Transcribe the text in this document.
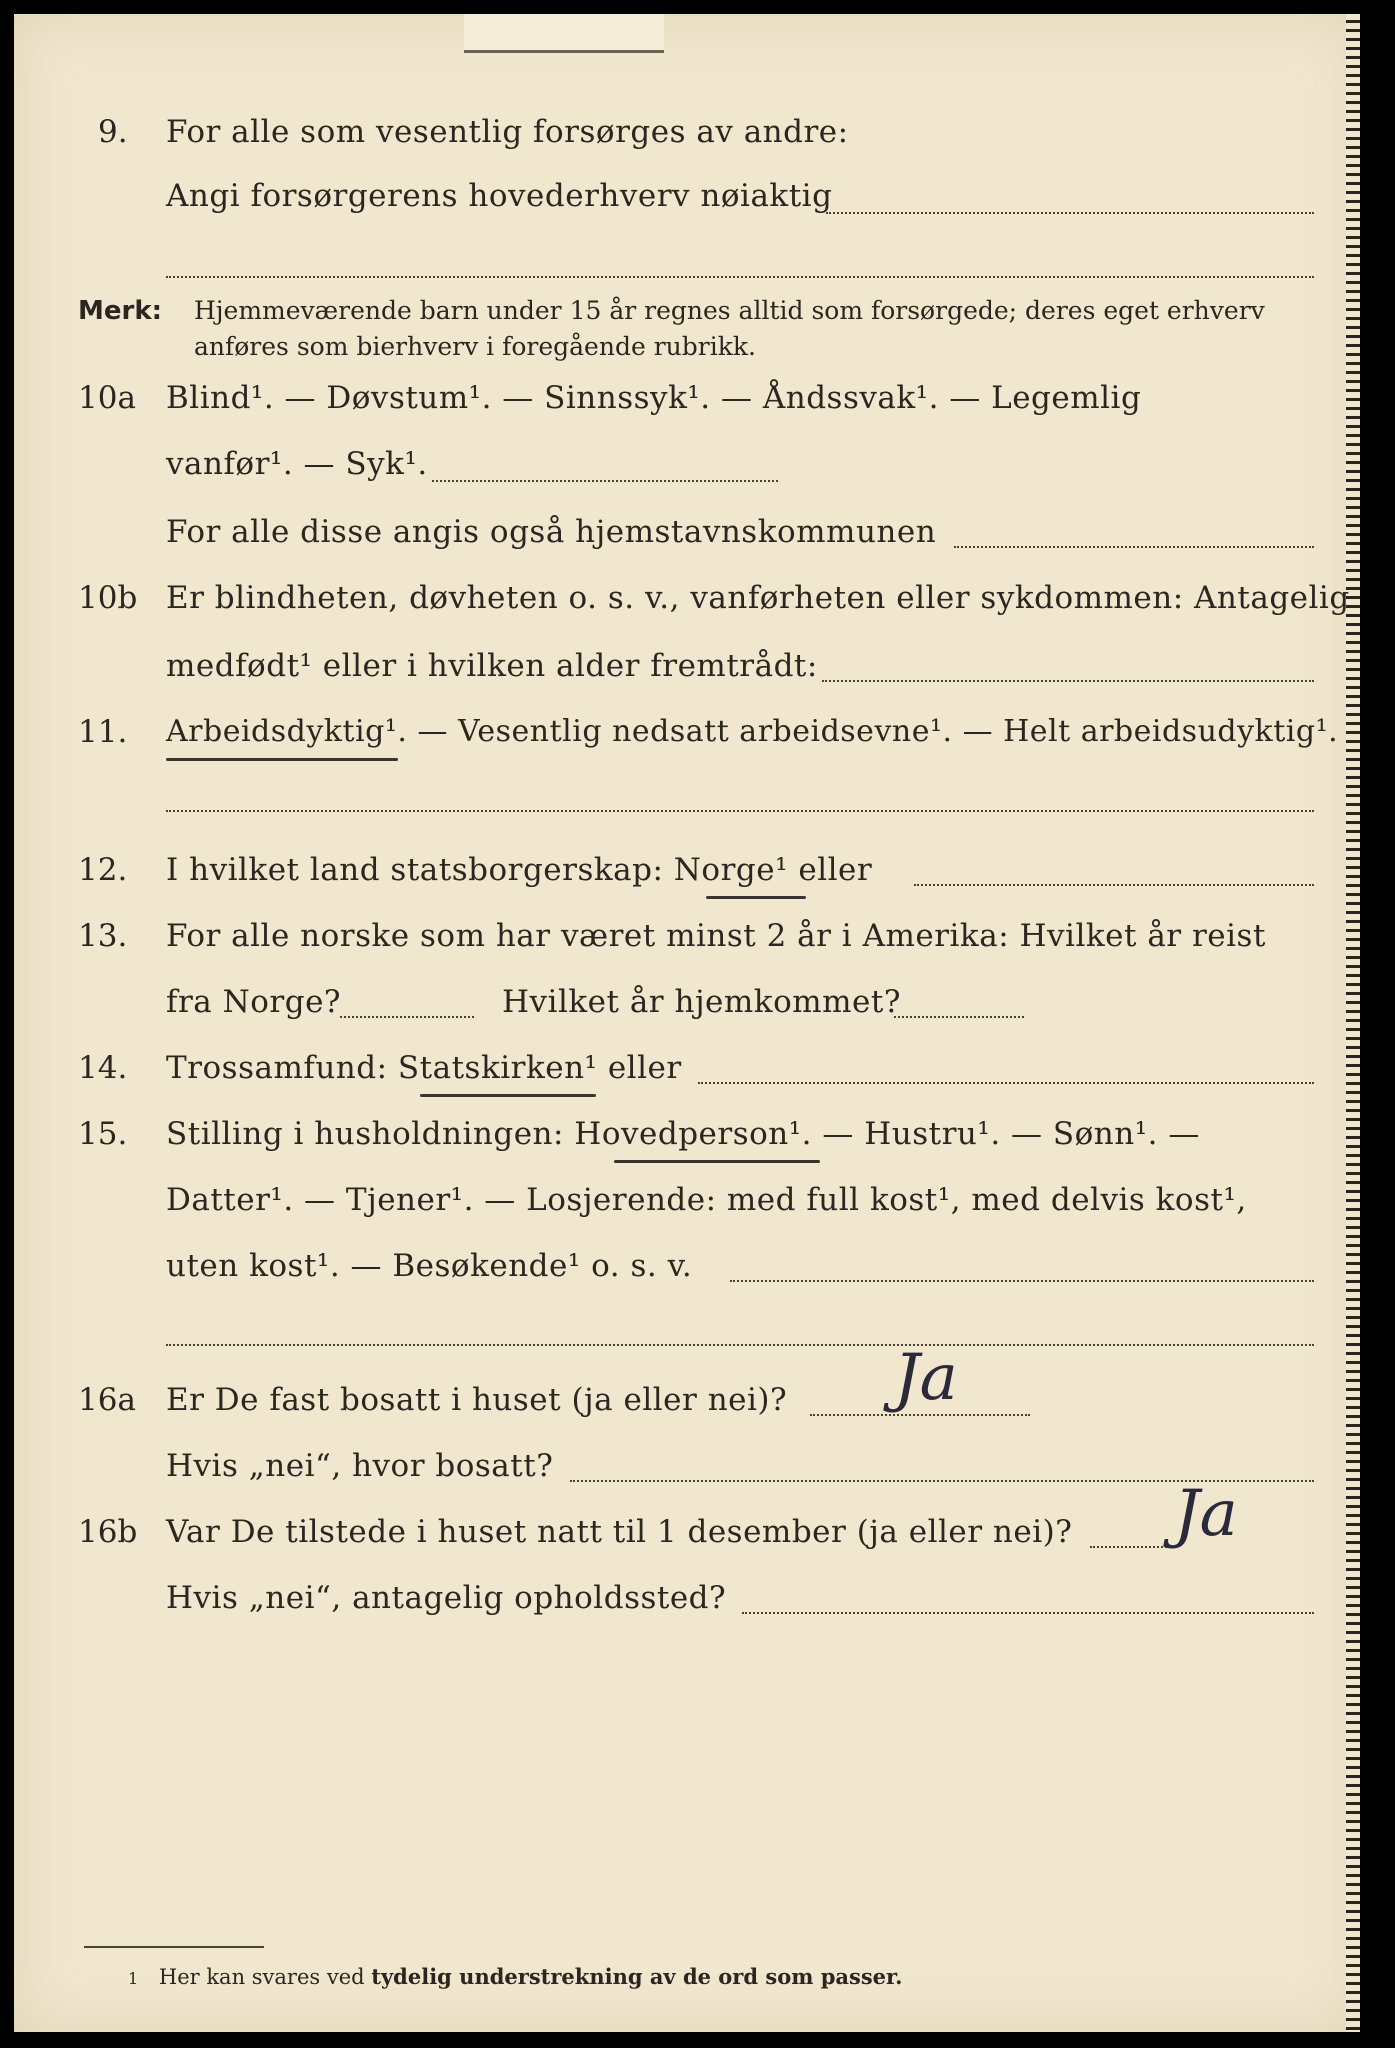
9. For alle som vesentlig forsørges av andre:
Angi forsørgerens hovederhverv nøiaktig
Merk: Hjemmeværende barn under 15 år regnes alltid som forsørgede; deres eget erhverv
anføres som bierhverv i foregående rubrikk.
10a Blind¹. — Døvstum¹. — Sinnssyk¹. — Åndssvak¹. — Legemlig
vanfør¹. — Syk¹.
For alle disse angis også hjemstavnskommunen
10b Er blindheten, døvheten o. s. v., vanførheten eller sykdommen: Antagelig
medfødt¹ eller i hvilken alder fremtrådt:
11. Arbeidsdyktig¹. — Vesentlig nedsatt arbeidsevne¹. — Helt arbeidsudyktig¹.
12. I hvilket land statsborgerskap: Norge¹ eller
13. For alle norske som har været minst 2 år i Amerika: Hvilket år reist
fra Norge?	Hvilket år hjemkommet?
14. Trossamfund: Statskirken¹ eller
15. Stilling i husholdningen: Hovedperson¹. — Hustru¹. — Sønn¹. —
Datter¹. — Tjener¹. — Losjerende: med full kost¹, med delvis kost¹,
uten kost¹. — Besøkende¹ o. s. v.
16a Er De fast bosatt i huset (ja eller nei)? Ja
Hvis „nei“, hvor bosatt?
16b Var De tilstede i huset natt til 1 desember (ja eller nei)? Ja
Hvis „nei“, antagelig opholdssted?
1 Her kan svares ved tydelig understrekning av de ord som passer.
